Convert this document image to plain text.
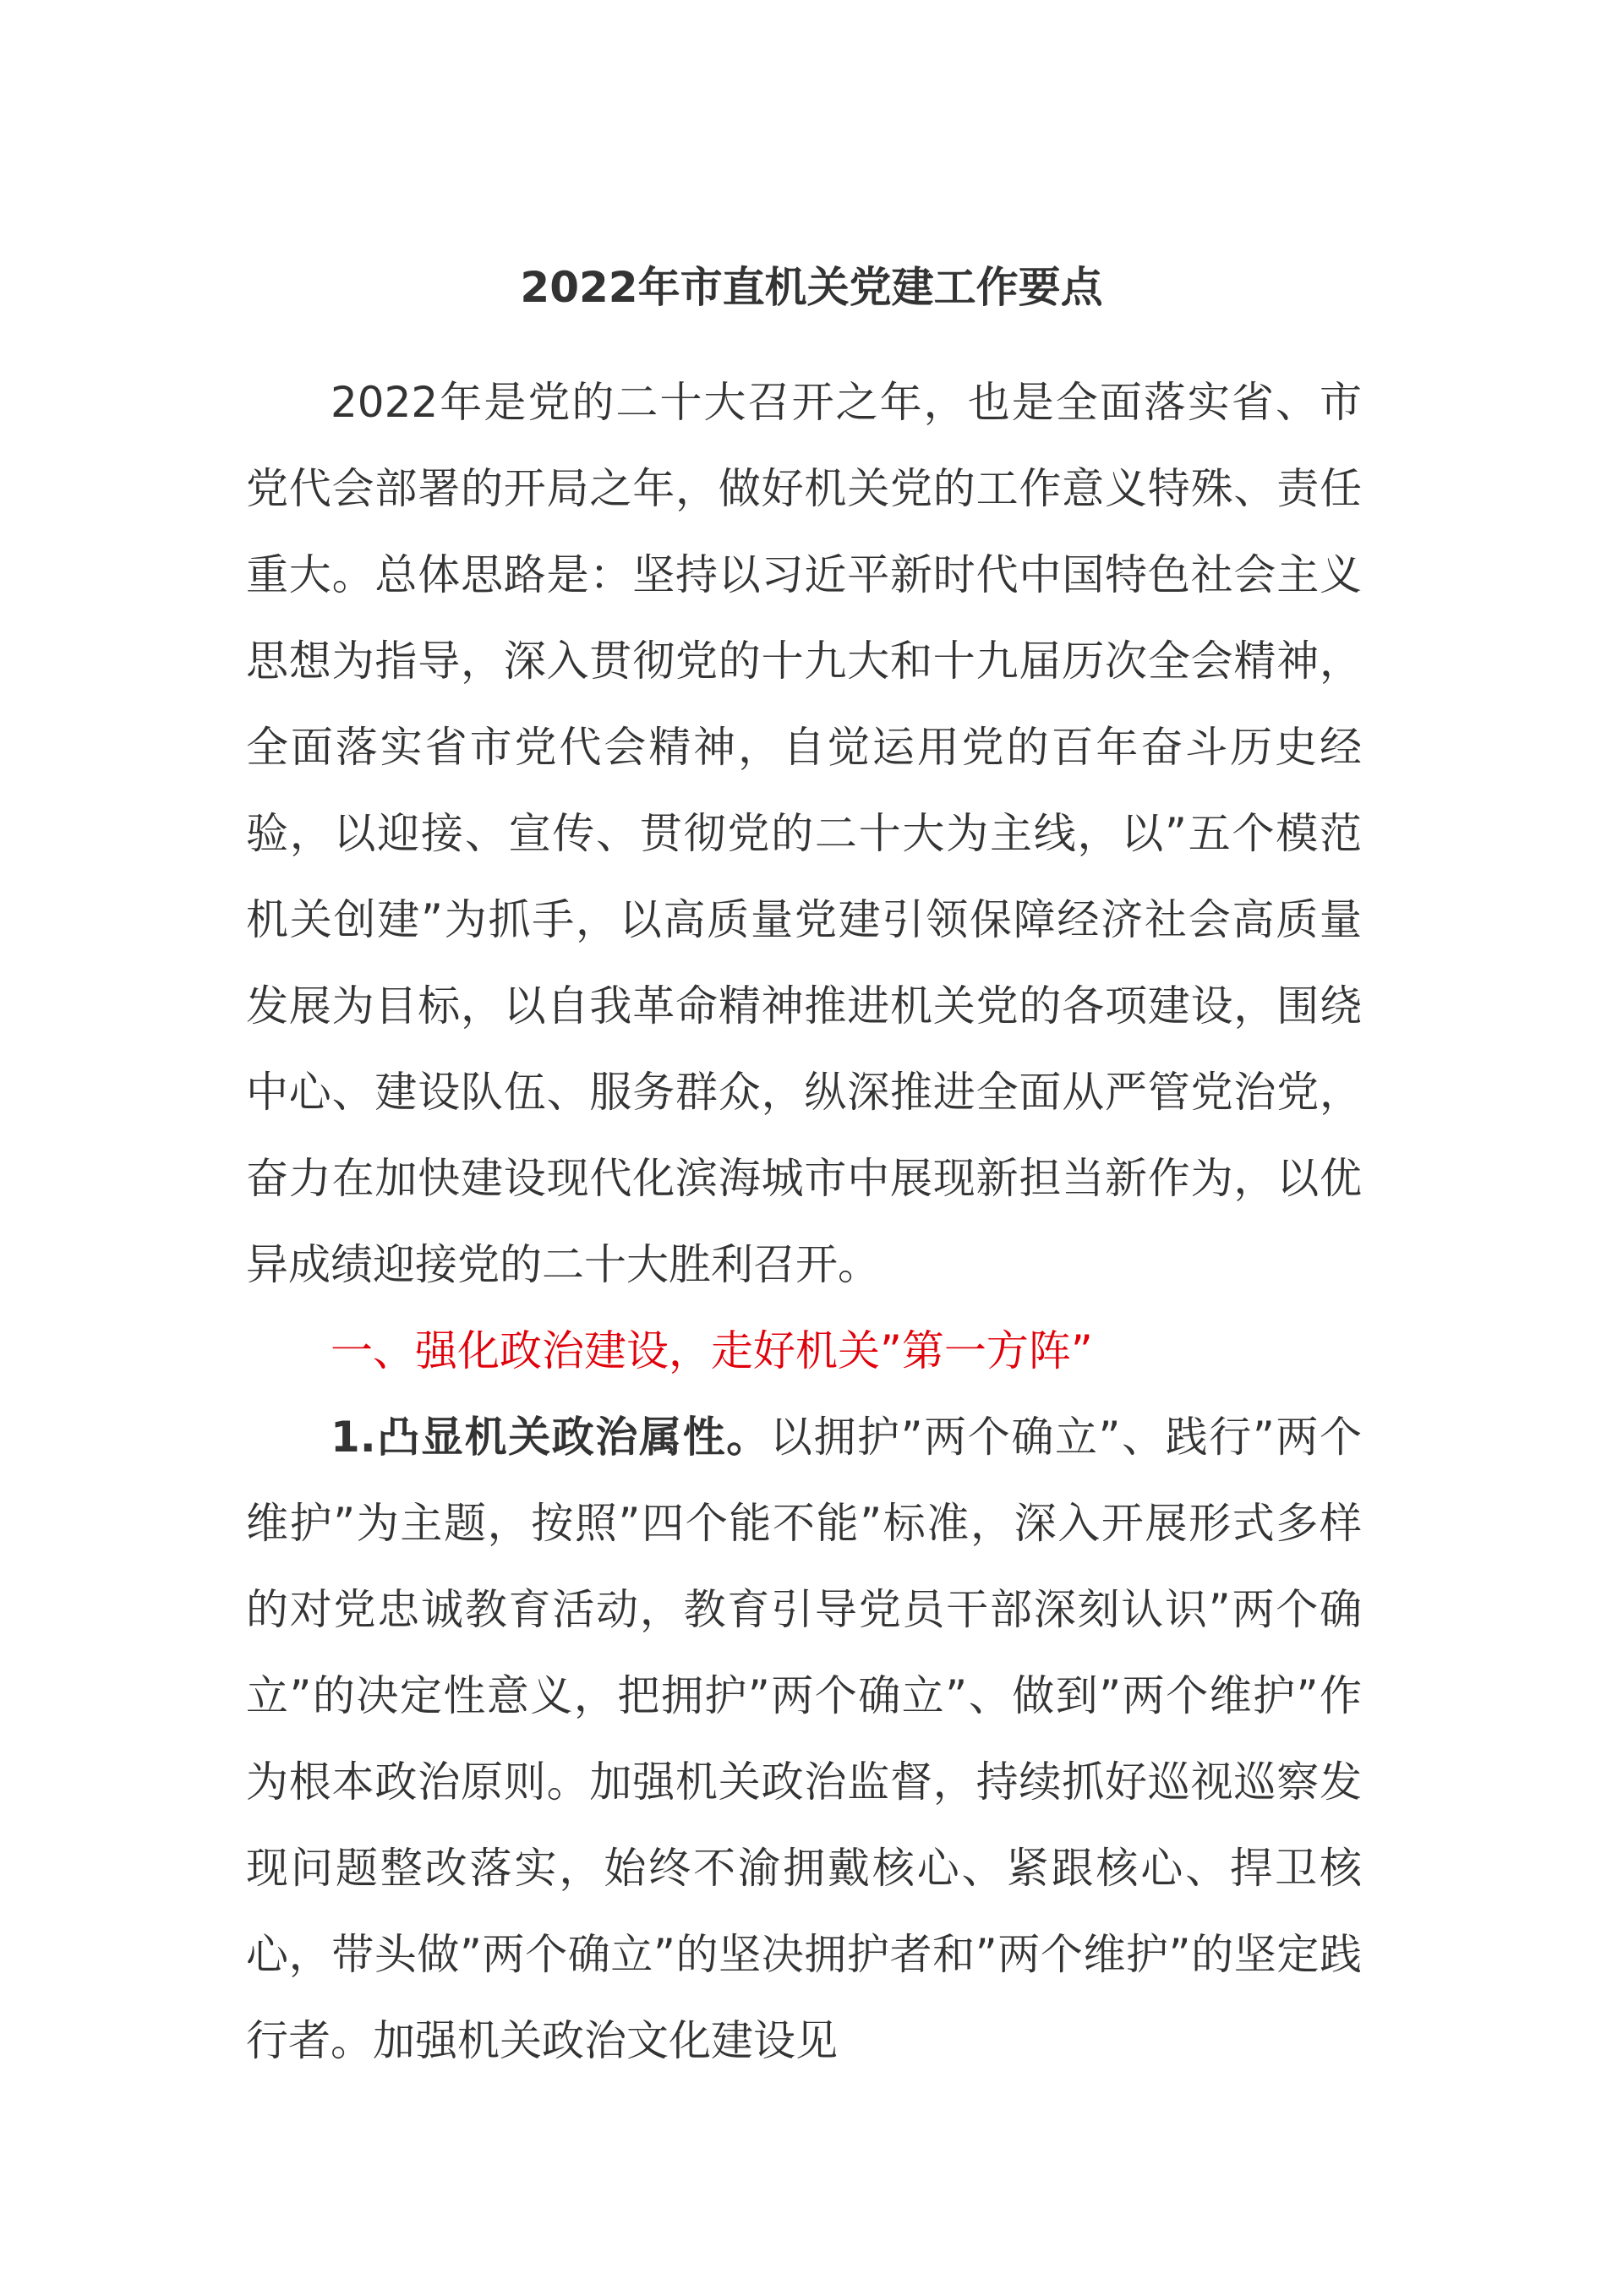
2022年市直机关党建工作要点

2022年是党的二十大召开之年，也是全面落实省、市党代会部署的开局之年，做好机关党的工作意义特殊、责任重大。总体思路是：坚持以习近平新时代中国特色社会主义思想为指导，深入贯彻党的十九大和十九届历次全会精神，全面落实省市党代会精神，自觉运用党的百年奋斗历史经验，以迎接、宣传、贯彻党的二十大为主线，以”五个模范机关创建”为抓手，以高质量党建引领保障经济社会高质量发展为目标，以自我革命精神推进机关党的各项建设，围绕中心、建设队伍、服务群众，纵深推进全面从严管党治党，奋力在加快建设现代化滨海城市中展现新担当新作为，以优异成绩迎接党的二十大胜利召开。

一、强化政治建设，走好机关”第一方阵”

1.凸显机关政治属性。以拥护”两个确立”、践行”两个维护”为主题，按照”四个能不能”标准，深入开展形式多样的对党忠诚教育活动，教育引导党员干部深刻认识”两个确立”的决定性意义，把拥护”两个确立”、做到”两个维护”作为根本政治原则。加强机关政治监督，持续抓好巡视巡察发现问题整改落实，始终不渝拥戴核心、紧跟核心、捍卫核心，带头做”两个确立”的坚决拥护者和”两个维护”的坚定践行者。加强机关政治文化建设见
